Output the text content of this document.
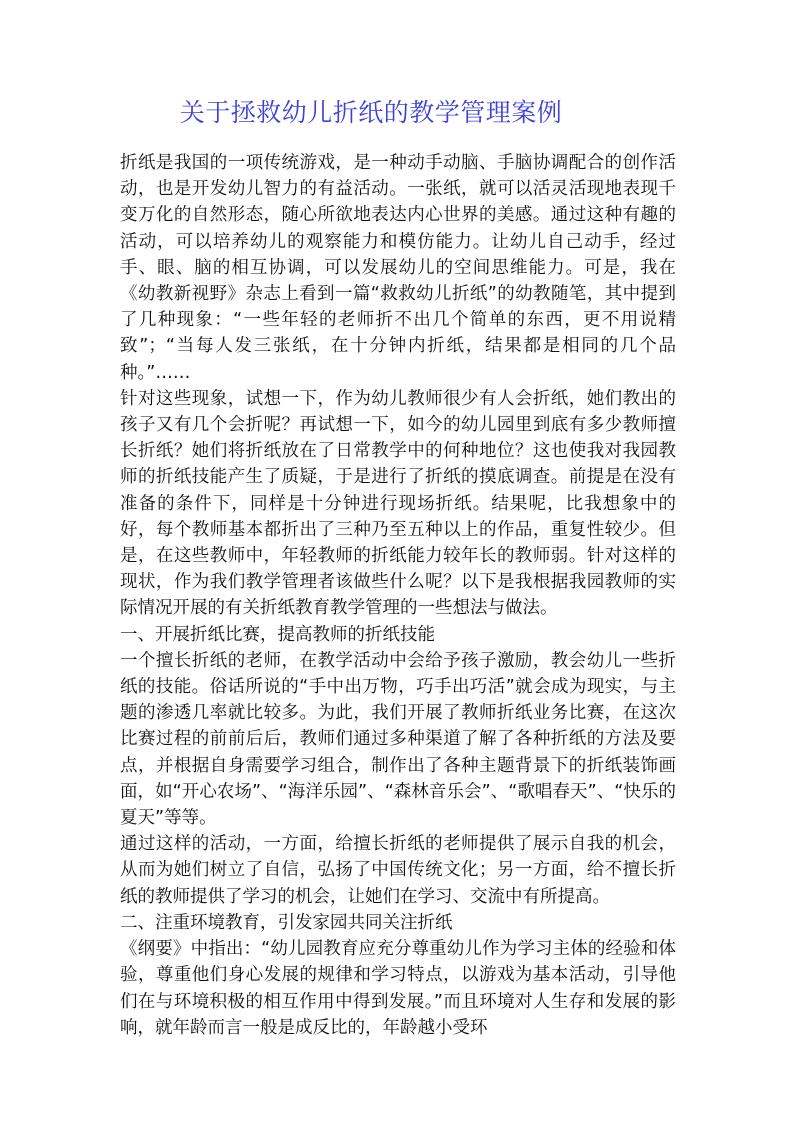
关于拯救幼儿折纸的教学管理案例

折纸是我国的一项传统游戏，是一种动手动脑、手脑协调配合的创作活动，也是开发幼儿智力的有益活动。一张纸，就可以活灵活现地表现千变万化的自然形态，随心所欲地表达内心世界的美感。通过这种有趣的活动，可以培养幼儿的观察能力和模仿能力。让幼儿自己动手，经过手、眼、脑的相互协调，可以发展幼儿的空间思维能力。可是，我在《幼教新视野》杂志上看到一篇“救救幼儿折纸”的幼教随笔，其中提到了几种现象：“一些年轻的老师折不出几个简单的东西，更不用说精致”；“当每人发三张纸，在十分钟内折纸，结果都是相同的几个品种。”……

针对这些现象，试想一下，作为幼儿教师很少有人会折纸，她们教出的孩子又有几个会折呢？再试想一下，如今的幼儿园里到底有多少教师擅长折纸？她们将折纸放在了日常教学中的何种地位？这也使我对我园教师的折纸技能产生了质疑，于是进行了折纸的摸底调查。前提是在没有准备的条件下，同样是十分钟进行现场折纸。结果呢，比我想象中的好，每个教师基本都折出了三种乃至五种以上的作品，重复性较少。但是，在这些教师中，年轻教师的折纸能力较年长的教师弱。针对这样的现状，作为我们教学管理者该做些什么呢？以下是我根据我园教师的实际情况开展的有关折纸教育教学管理的一些想法与做法。

一、开展折纸比赛，提高教师的折纸技能

一个擅长折纸的老师，在教学活动中会给予孩子激励，教会幼儿一些折纸的技能。俗话所说的“手中出万物，巧手出巧活”就会成为现实，与主题的渗透几率就比较多。为此，我们开展了教师折纸业务比赛，在这次比赛过程的前前后后，教师们通过多种渠道了解了各种折纸的方法及要点，并根据自身需要学习组合，制作出了各种主题背景下的折纸装饰画面，如“开心农场”、“海洋乐园”、“森林音乐会”、“歌唱春天”、“快乐的夏天”等等。

通过这样的活动，一方面，给擅长折纸的老师提供了展示自我的机会，从而为她们树立了自信，弘扬了中国传统文化；另一方面，给不擅长折纸的教师提供了学习的机会，让她们在学习、交流中有所提高。

二、注重环境教育，引发家园共同关注折纸

《纲要》中指出：“幼儿园教育应充分尊重幼儿作为学习主体的经验和体验，尊重他们身心发展的规律和学习特点，以游戏为基本活动，引导他们在与环境积极的相互作用中得到发展。”而且环境对人生存和发展的影响，就年龄而言一般是成反比的，年龄越小受环
